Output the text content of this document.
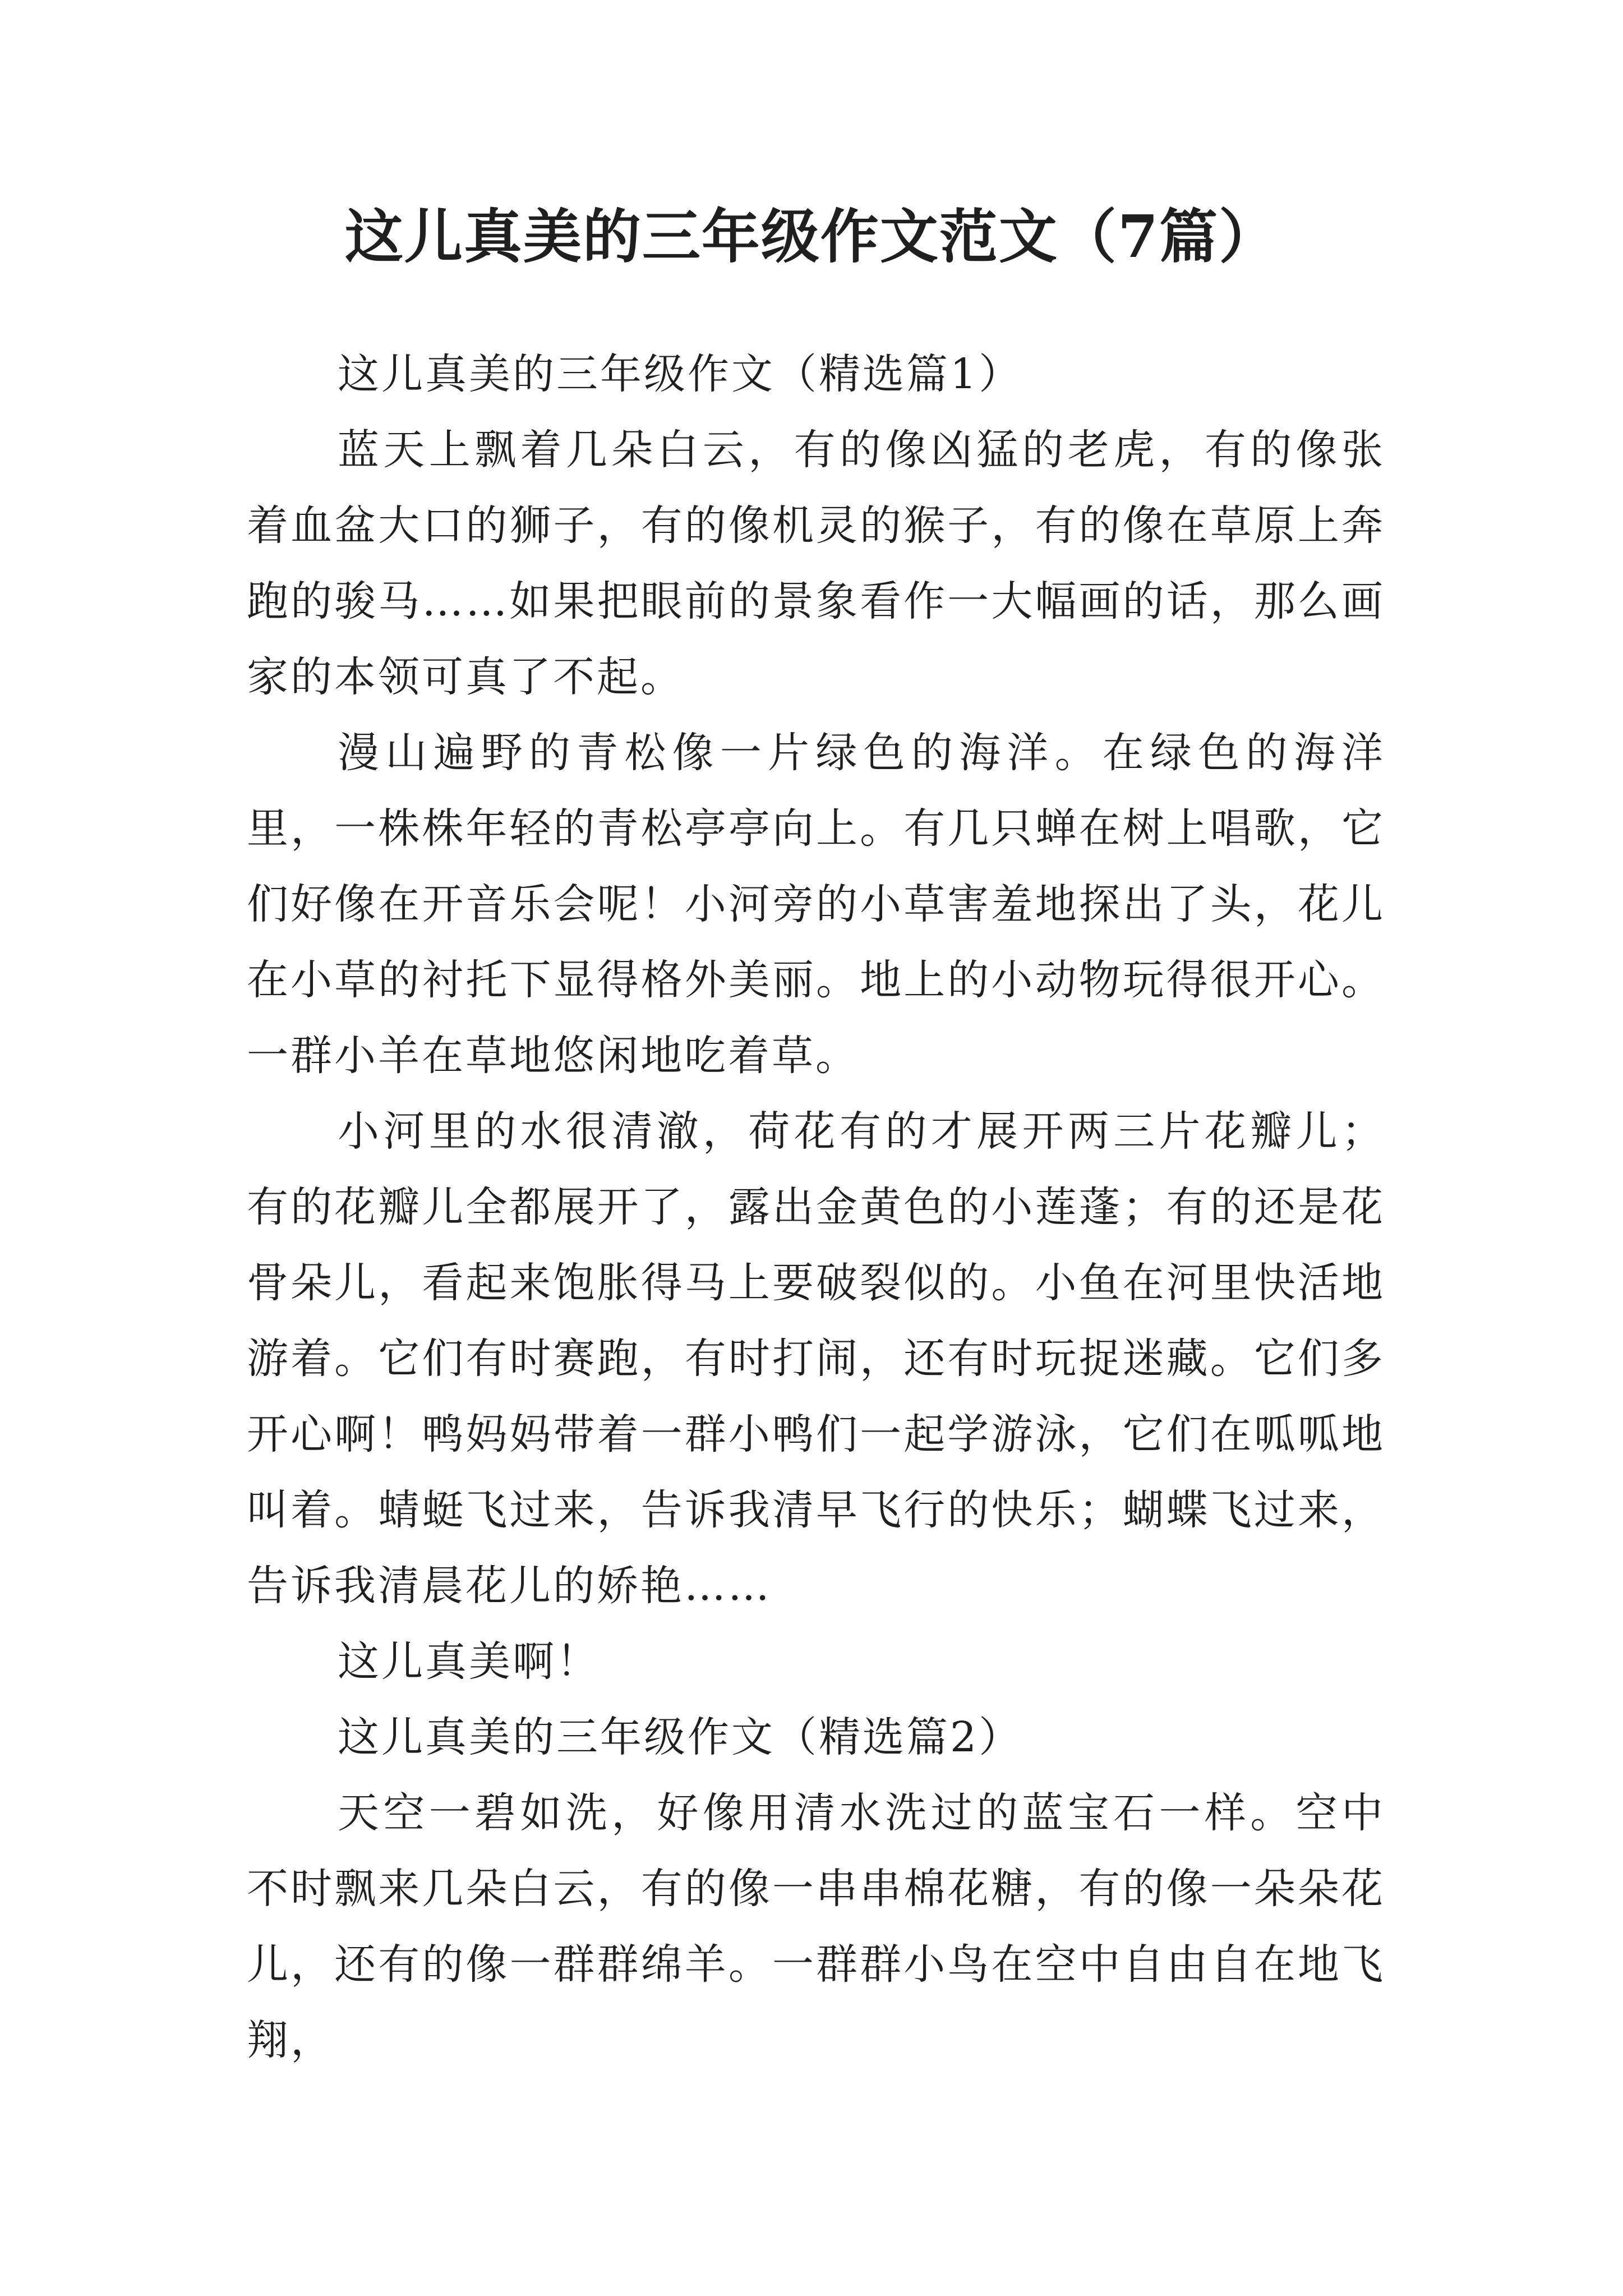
这儿真美的三年级作文范文（7篇）

这儿真美的三年级作文（精选篇1）

蓝天上飘着几朵白云，有的像凶猛的老虎，有的像张着血盆大口的狮子，有的像机灵的猴子，有的像在草原上奔跑的骏马……如果把眼前的景象看作一大幅画的话，那么画家的本领可真了不起。

漫山遍野的青松像一片绿色的海洋。在绿色的海洋里，一株株年轻的青松亭亭向上。有几只蝉在树上唱歌，它们好像在开音乐会呢！小河旁的小草害羞地探出了头，花儿在小草的衬托下显得格外美丽。地上的小动物玩得很开心。一群小羊在草地悠闲地吃着草。

小河里的水很清澈，荷花有的才展开两三片花瓣儿；有的花瓣儿全都展开了，露出金黄色的小莲蓬；有的还是花骨朵儿，看起来饱胀得马上要破裂似的。小鱼在河里快活地游着。它们有时赛跑，有时打闹，还有时玩捉迷藏。它们多开心啊！鸭妈妈带着一群小鸭们一起学游泳，它们在呱呱地叫着。蜻蜓飞过来，告诉我清早飞行的快乐；蝴蝶飞过来，告诉我清晨花儿的娇艳……

这儿真美啊！

这儿真美的三年级作文（精选篇2）

天空一碧如洗，好像用清水洗过的蓝宝石一样。空中不时飘来几朵白云，有的像一串串棉花糖，有的像一朵朵花儿，还有的像一群群绵羊。一群群小鸟在空中自由自在地飞翔，
